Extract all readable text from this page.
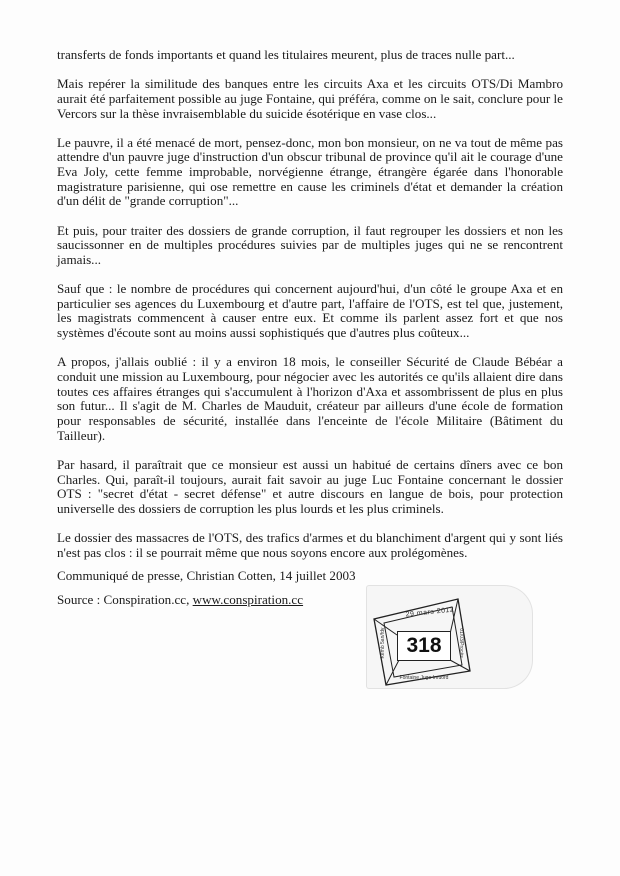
transferts de fonds importants et quand les titulaires meurent, plus de traces nulle part...

Mais repérer la similitude des banques entre les circuits Axa et les circuits OTS/Di Mambro aurait été parfaitement possible au juge Fontaine, qui préféra, comme on le sait, conclure pour le Vercors sur la thèse invraisemblable du suicide ésotérique en vase clos...

Le pauvre, il a été menacé de mort, pensez-donc, mon bon monsieur, on ne va tout de même pas attendre d'un pauvre juge d'instruction d'un obscur tribunal de province qu'il ait le courage d'une Eva Joly, cette femme improbable, norvégienne étrange, étrangère égarée dans l'honorable magistrature parisienne, qui ose remettre en cause les criminels d'état et demander la création d'un délit de "grande corruption"...

Et puis, pour traiter des dossiers de grande corruption, il faut regrouper les dossiers et non les saucissonner en de multiples procédures suivies par de multiples juges qui ne se rencontrent jamais...

Sauf que : le nombre de procédures qui concernent aujourd'hui, d'un côté le groupe Axa et en particulier ses agences du Luxembourg et d'autre part, l'affaire de l'OTS, est tel que, justement, les magistrats commencent à causer entre eux. Et comme ils parlent assez fort et que nos systèmes d'écoute sont au moins aussi sophistiqués que d'autres plus coûteux...

A propos, j'allais oublié : il y a environ 18 mois, le conseiller Sécurité de Claude Bébéar a conduit une mission au Luxembourg, pour négocier avec les autorités ce qu'ils allaient dire dans toutes ces affaires étranges qui s'accumulent à l'horizon d'Axa et assombrissent de plus en plus son futur... Il s'agit de M. Charles de Mauduit, créateur par ailleurs d'une école de formation pour responsables de sécurité, installée dans l'enceinte de l'école Militaire (Bâtiment du Tailleur).

Par hasard, il paraîtrait que ce monsieur est aussi un habitué de certains dîners avec ce bon Charles. Qui, paraît-il toujours, aurait fait savoir au juge Luc Fontaine concernant le dossier OTS : "secret d'état - secret défense" et autre discours en langue de bois, pour protection universelle des dossiers de corruption les plus lourds et les plus criminels.

Le dossier des massacres de l'OTS, des trafics d'armes et du blanchiment d'argent qui y sont liés n'est pas clos : il se pourrait même que nous soyons encore aux prolégomènes.

Communiqué de presse, Christian Cotten, 14 juillet 2003

Source : Conspiration.cc, www.conspiration.cc

29 mars 2012
318
Kemb 5an/fdv	01/03/Procès
Fontaine Jugo Inruord
